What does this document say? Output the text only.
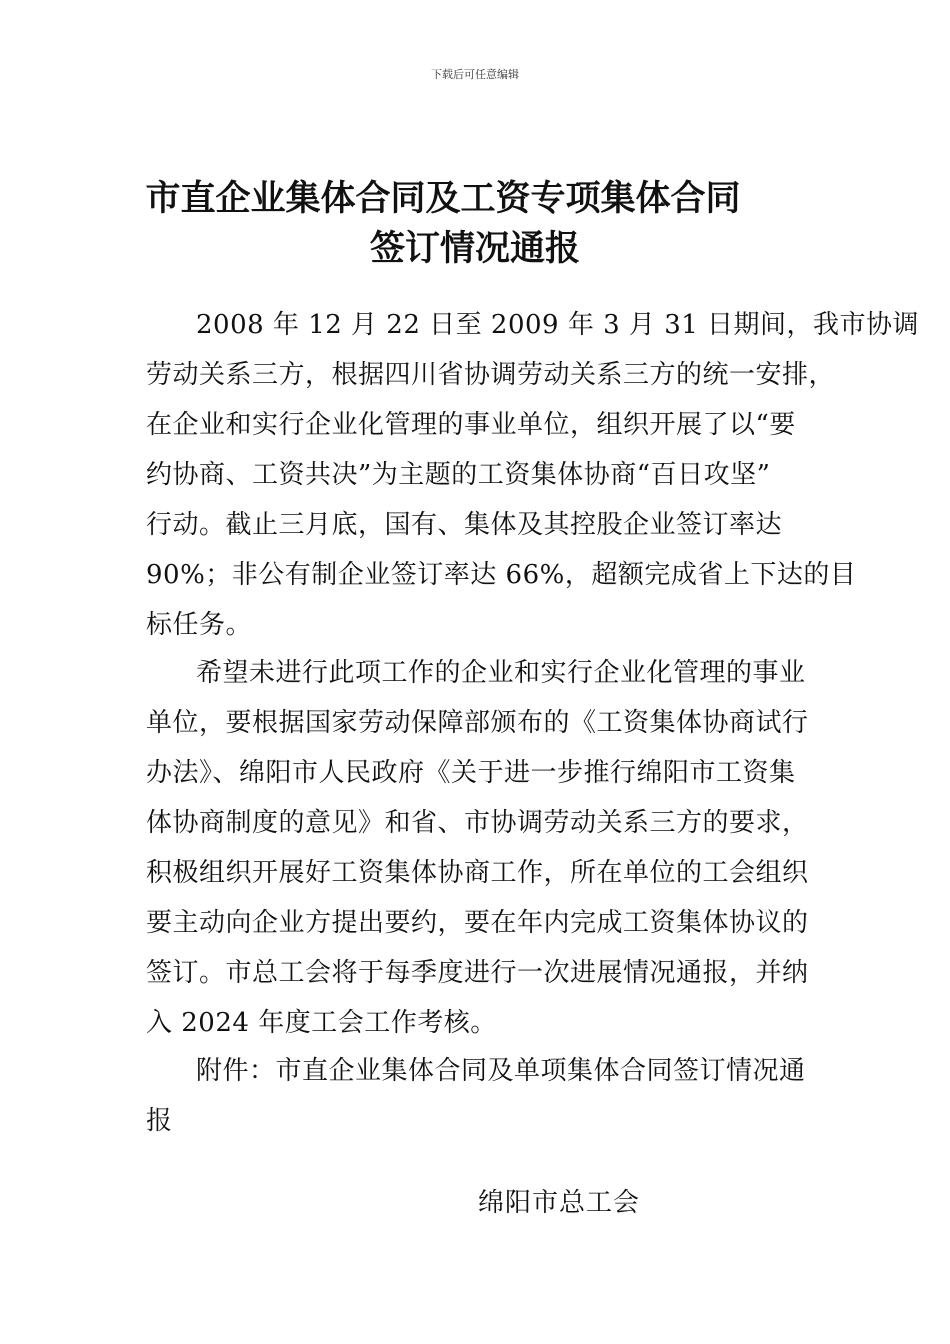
下载后可任意编辑
市直企业集体合同及工资专项集体合同
签订情况通报
2008 年 12 月 22 日至 2009 年 3 月 31 日期间，我市协调
劳动关系三方，根据四川省协调劳动关系三方的统一安排，
在企业和实行企业化管理的事业单位，组织开展了以“要
约协商、工资共决”为主题的工资集体协商“百日攻坚”
行动。截止三月底，国有、集体及其控股企业签订率达
90%；非公有制企业签订率达 66%，超额完成省上下达的目
标任务。
希望未进行此项工作的企业和实行企业化管理的事业
单位，要根据国家劳动保障部颁布的《工资集体协商试行
办法》、绵阳市人民政府《关于进一步推行绵阳市工资集
体协商制度的意见》和省、市协调劳动关系三方的要求，
积极组织开展好工资集体协商工作，所在单位的工会组织
要主动向企业方提出要约，要在年内完成工资集体协议的
签订。市总工会将于每季度进行一次进展情况通报，并纳
入 2024 年度工会工作考核。
附件：市直企业集体合同及单项集体合同签订情况通
报
绵阳市总工会
